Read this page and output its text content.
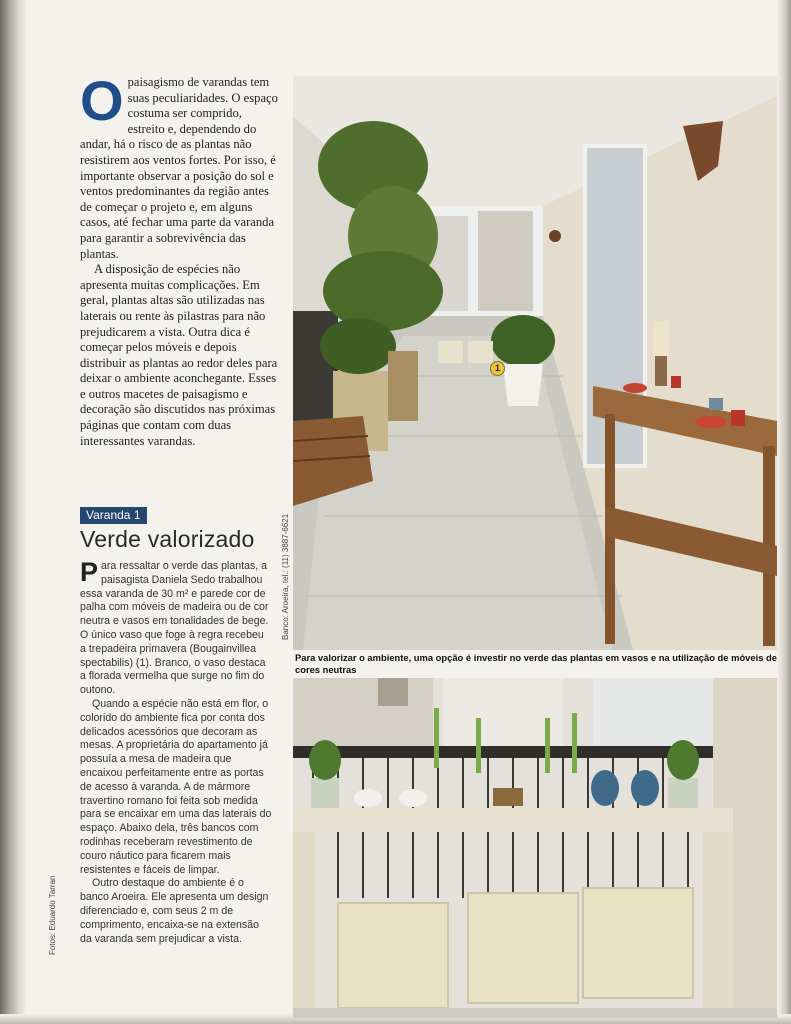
O paisagismo de varandas tem suas peculiaridades. O espaço costuma ser comprido, estreito e, dependendo do andar, há o risco de as plantas não resistirem aos ventos fortes. Por isso, é importante observar a posição do sol e ventos predominantes da região antes de começar o projeto e, em alguns casos, até fechar uma parte da varanda para garantir a sobrevivência das plantas.

A disposição de espécies não apresenta muitas complicações. Em geral, plantas altas são utilizadas nas laterais ou rente às pilastras para não prejudicarem a vista. Outra dica é começar pelos móveis e depois distribuir as plantas ao redor deles para deixar o ambiente aconchegante. Esses e outros macetes de paisagismo e decoração são discutidos nas próximas páginas que contam com duas interessantes varandas.

Varanda 1
Verde valorizado
P ara ressaltar o verde das plantas, a paisagista Daniela Sedo trabalhou essa varanda de 30 m² e parede cor de palha com móveis de madeira ou de cor neutra e vasos em tonalidades de bege. O único vaso que foge à regra recebeu a trepadeira primavera (Bougainvillea spectabilis) (1). Branco, o vaso destaca a florada vermelha que surge no fim do outono.

Quando a espécie não está em flor, o colorido do ambiente fica por conta dos delicados acessórios que decoram as mesas. A proprietária do apartamento já possuía a mesa de madeira que encaixou perfeitamente entre as portas de acesso à varanda. A de mármore travertino romano foi feita sob medida para se encaixar em uma das laterais do espaço. Abaixo dela, três bancos com rodinhas receberam revestimento de couro náutico para ficarem mais resistentes e fáceis de limpar.

Outro destaque do ambiente é o banco Aroeira. Ele apresenta um design diferenciado e, com seus 2 m de comprimento, encaixa-se na extensão da varanda sem prejudicar a vista.

Banco: Aroeira, tel.: (11) 3887-6621
Fotos: Eduardo Tarran
1
Para valorizar o ambiente, uma opção é investir no verde das plantas em vasos e na utilização de móveis de cores neutras
